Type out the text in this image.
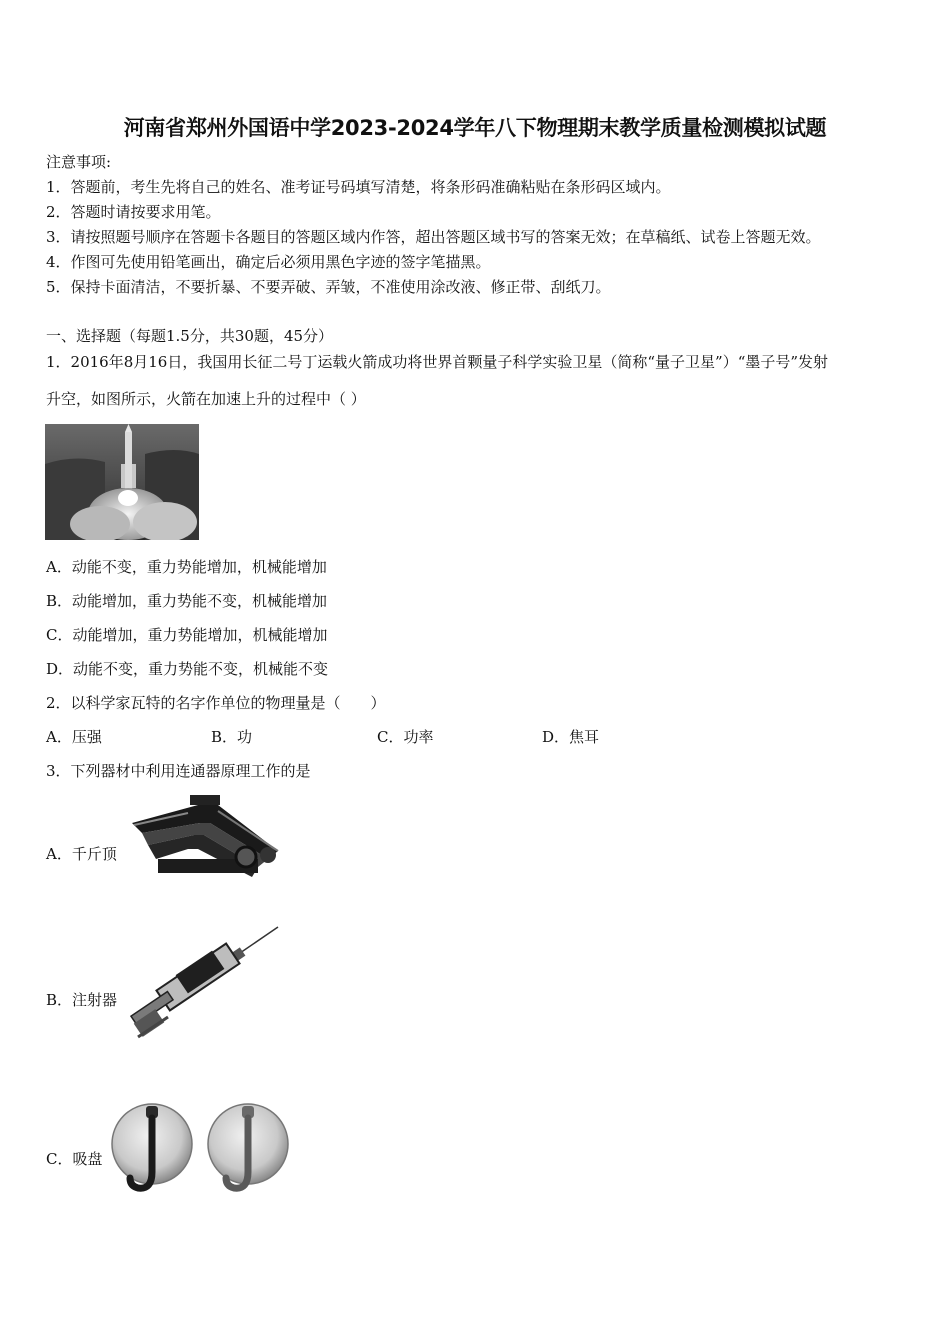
河南省郑州外国语中学2023-2024学年八下物理期末教学质量检测模拟试题
注意事项:
1．答题前，考生先将自己的姓名、准考证号码填写清楚，将条形码准确粘贴在条形码区域内。
2．答题时请按要求用笔。
3．请按照题号顺序在答题卡各题目的答题区域内作答，超出答题区域书写的答案无效；在草稿纸、试卷上答题无效。
4．作图可先使用铅笔画出，确定后必须用黑色字迹的签字笔描黑。
5．保持卡面清洁，不要折暴、不要弄破、弄皱，不准使用涂改液、修正带、刮纸刀。
一、选择题（每题1.5分，共30题，45分）
1．2016年8月16日，我国用长征二号丁运载火箭成功将世界首颗量子科学实验卫星（简称“量子卫星”）“墨子号”发射
升空，如图所示，火箭在加速上升的过程中（ ）
A．动能不变，重力势能增加，机械能增加
B．动能增加，重力势能不变，机械能增加
C．动能增加，重力势能增加，机械能增加
D．动能不变，重力势能不变，机械能不变
2．以科学家瓦特的名字作单位的物理量是（　　）
A．压强	B．功	C．功率	D．焦耳
3．下列器材中利用连通器原理工作的是
A．千斤顶
B．注射器
C．吸盘
